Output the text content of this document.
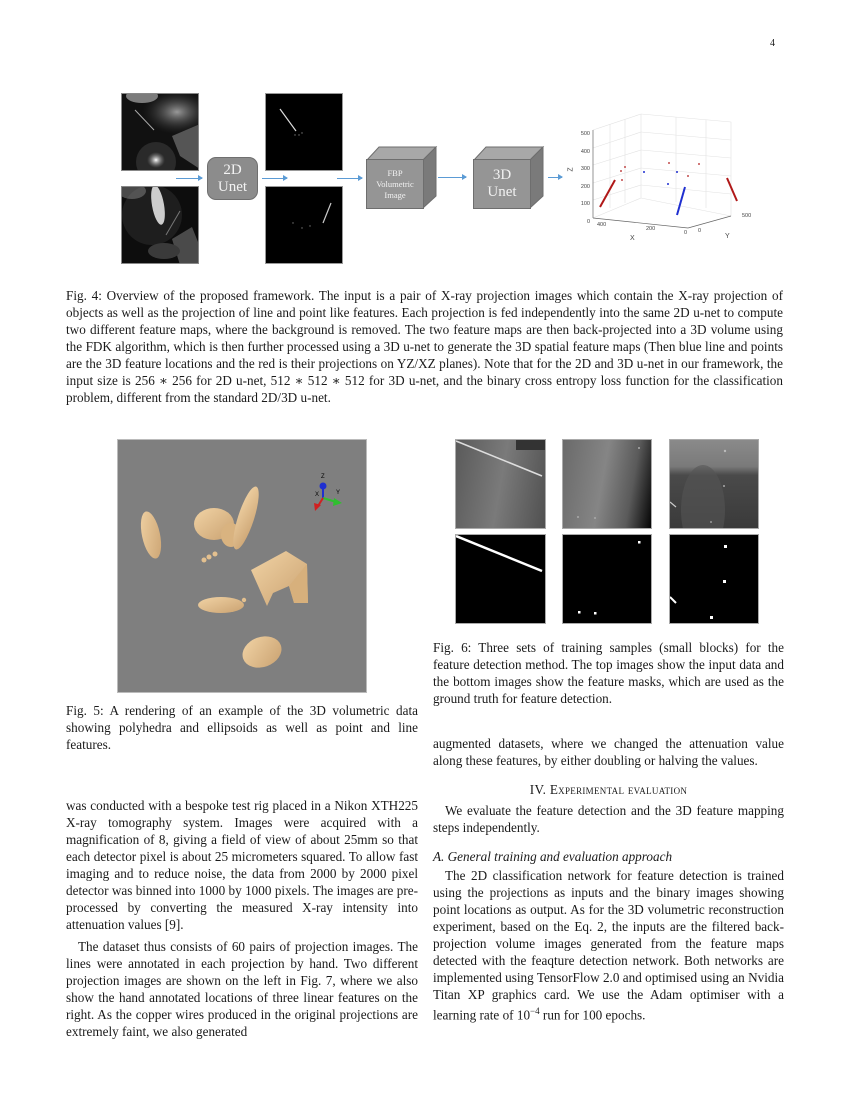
4
2D
Unet
FBP
Volumetric
Image
3D
Unet
500
400
300
200
100
0
Z
400
200
0
X
0
500
Y

Fig. 4: Overview of the proposed framework. The input is a pair of X-ray projection images which contain the X-ray projection of objects as well as the projection of line and point like features. Each projection is fed independently into the same 2D u-net to compute two different feature maps, where the background is removed. The two feature maps are then back-projected into a 3D volume using the FDK algorithm, which is then further processed using a 3D u-net to generate the 3D spatial feature maps (Then blue line and points are the 3D feature locations and the red is their projections on YZ/XZ planes). Note that for the 2D and 3D u-net in our framework, the input size is 256 ∗ 256 for 2D u-net, 512 ∗ 512 ∗ 512 for 3D u-net, and the binary cross entropy loss function for the classification problem, different from the standard 2D/3D u-net.

Z
X	Y

Fig. 5: A rendering of an example of the 3D volumetric data showing polyhedra and ellipsoids as well as point and line features.

Fig. 6: Three sets of training samples (small blocks) for the feature detection method. The top images show the input data and the bottom images show the feature masks, which are used as the ground truth for feature detection.

was conducted with a bespoke test rig placed in a Nikon XTH225 X-ray tomography system. Images were acquired with a magnification of 8, giving a field of view of about 25mm so that each detector pixel is about 25 micrometers squared. To allow fast imaging and to reduce noise, the data from 2000 by 2000 pixel detector was binned into 1000 by 1000 pixels. The images are pre-processed by converting the measured X-ray intensity into attenuation values [9].

The dataset thus consists of 60 pairs of projection images. The lines were annotated in each projection by hand. Two different projection images are shown on the left in Fig. 7, where we also show the hand annotated locations of three linear features on the right. As the copper wires produced in the original projections are extremely faint, we also generated

augmented datasets, where we changed the attenuation value along these features, by either doubling or halving the values.

IV. Experimental evaluation

We evaluate the feature detection and the 3D feature mapping steps independently.

A. General training and evaluation approach

The 2D classification network for feature detection is trained using the projections as inputs and the binary images showing point locations as output. As for the 3D volumetric reconstruction experiment, based on the Eq. 2, the inputs are the filtered back-projection volume images generated from the feature maps detected with the feaqture detection network. Both networks are implemented using TensorFlow 2.0 and optimised using an Nvidia Titan XP graphics card. We use the Adam optimiser with a learning rate of $10^{-4}$ run for 100 epochs.
